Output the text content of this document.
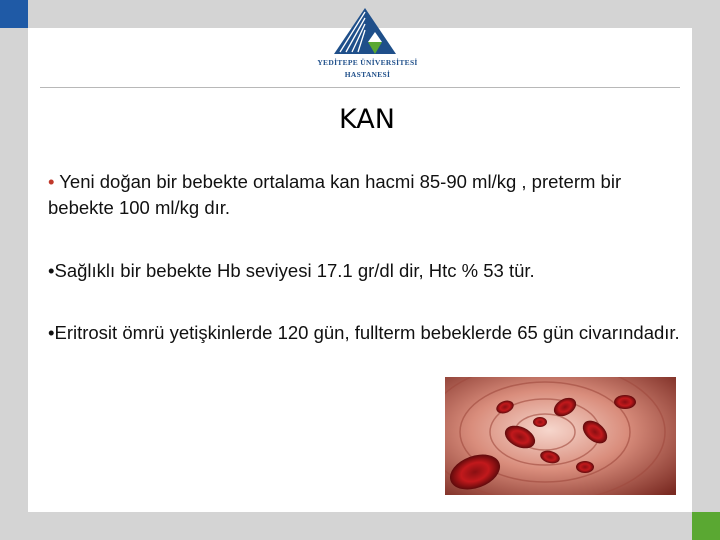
YEDİTEPE ÜNİVERSİTESİ
HASTANESİ
KAN
• Yeni doğan bir bebekte ortalama kan hacmi 85-90 ml/kg , preterm bir bebekte 100 ml/kg dır.
•Sağlıklı bir bebekte Hb seviyesi 17.1 gr/dl dir, Htc % 53 tür.
•Eritrosit ömrü yetişkinlerde 120 gün, fullterm bebeklerde 65 gün civarındadır.
